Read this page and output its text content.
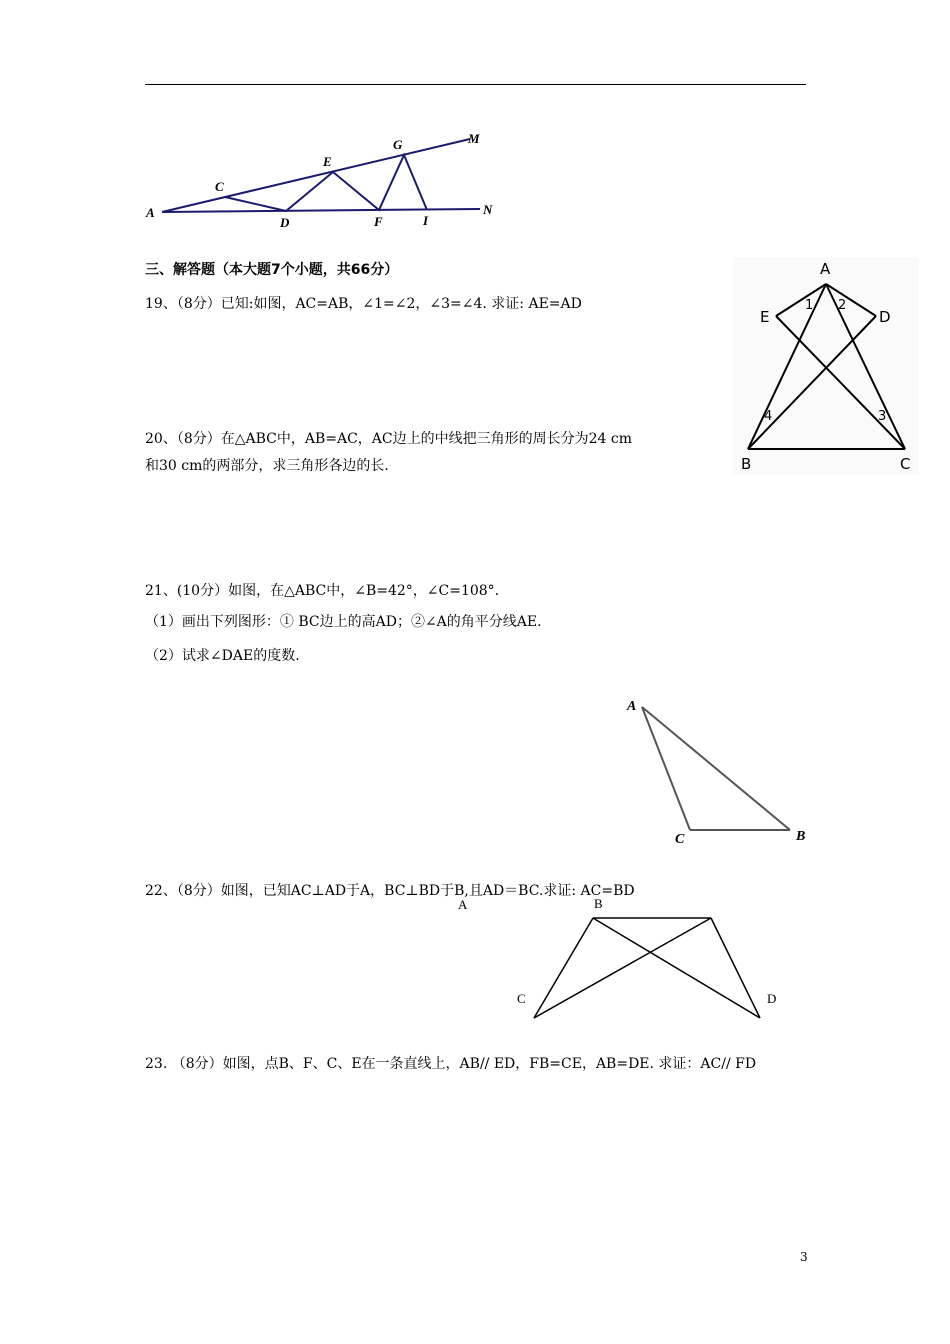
A
C
D
E
F
G
I
M
N
三、解答题（本大题7个小题，共66分）
19、（8分）已知:如图，AC=AB，∠1=∠2，∠3=∠4. 求证: AE=AD
A
E	D
B	C
1 2
3
4
20、（8分）在△ABC中，AB=AC，AC边上的中线把三角形的周长分为24 cm
和30 cm的两部分，求三角形各边的长.
21、(10分）如图，在△ABC中，∠B=42°，∠C=108°．
（1）画出下列图形：① BC边上的高AD；②∠A的角平分线AE.
（2）试求∠DAE的度数.
A
C	B
22、（8分）如图，已知AC⊥AD于A，BC⊥BD于B,且AD＝BC.求证: AC=BD
A	B
C	D
23. （8分）如图，点B、F、C、E在一条直线上，AB// ED，FB=CE，AB=DE. 求证：AC// FD
3
